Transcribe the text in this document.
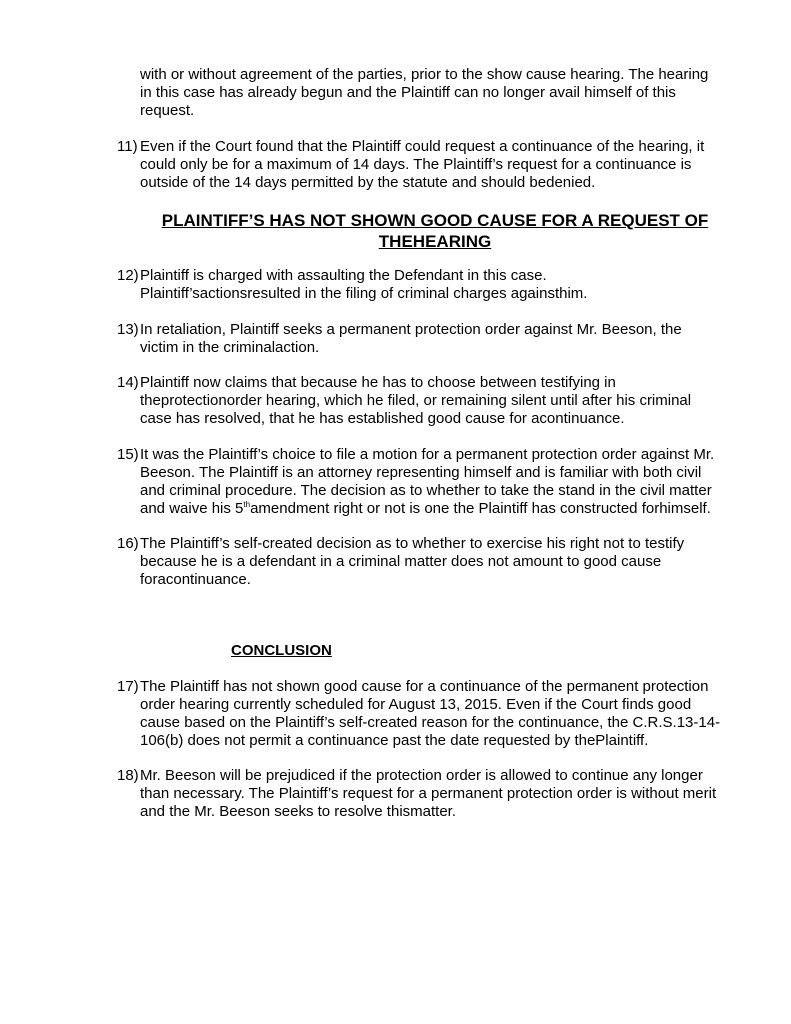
with or without agreement of the parties, prior to the show cause hearing. The hearing
in this case has already begun and the Plaintiff can no longer avail himself of this
request.
11) Even if the Court found that the Plaintiff could request a continuance of the hearing, it
could only be for a maximum of 14 days. The Plaintiff’s request for a continuance is
outside of the 14 days permitted by the statute and should bedenied.
PLAINTIFF’S HAS NOT SHOWN GOOD CAUSE FOR A REQUEST OF
THEHEARING
12) Plaintiff is charged with assaulting the Defendant in this case.
Plaintiff’sactionsresulted in the filing of criminal charges againsthim.
13) In retaliation, Plaintiff seeks a permanent protection order against Mr. Beeson, the
victim in the criminalaction.
14) Plaintiff now claims that because he has to choose between testifying in
theprotectionorder hearing, which he filed, or remaining silent until after his criminal
case has resolved, that he has established good cause for acontinuance.
15) It was the Plaintiff’s choice to file a motion for a permanent protection order against Mr.
Beeson. The Plaintiff is an attorney representing himself and is familiar with both civil
and criminal procedure. The decision as to whether to take the stand in the civil matter
and waive his 5thamendment right or not is one the Plaintiff has constructed forhimself.
16) The Plaintiff’s self-created decision as to whether to exercise his right not to testify
because he is a defendant in a criminal matter does not amount to good cause
foracontinuance.
CONCLUSION
17) The Plaintiff has not shown good cause for a continuance of the permanent protection
order hearing currently scheduled for August 13, 2015. Even if the Court finds good
cause based on the Plaintiff’s self-created reason for the continuance, the C.R.S.13-14-
106(b) does not permit a continuance past the date requested by thePlaintiff.
18) Mr. Beeson will be prejudiced if the protection order is allowed to continue any longer
than necessary. The Plaintiff’s request for a permanent protection order is without merit
and the Mr. Beeson seeks to resolve thismatter.
